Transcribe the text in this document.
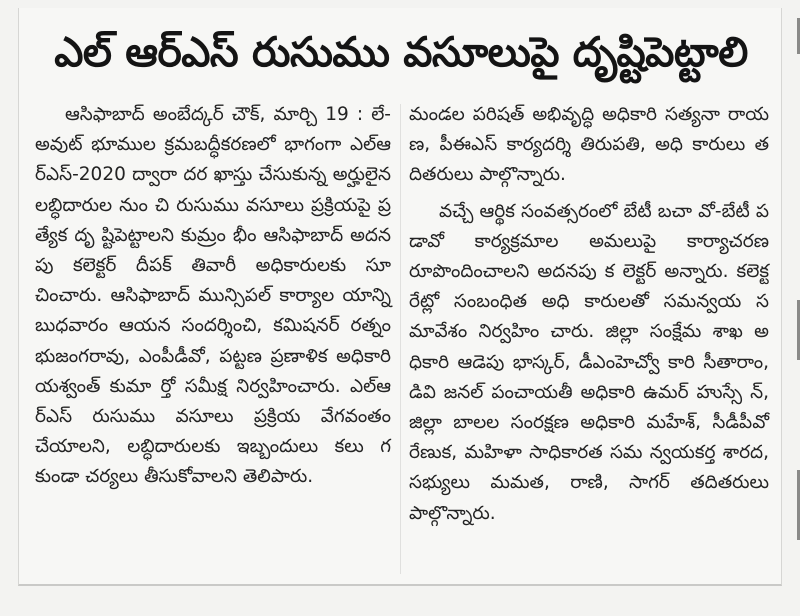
ఎల్ ఆర్ఎస్ రుసుము వసూలుపై దృష్టిపెట్టాలి

ఆసిఫాబాద్ అంబేద్కర్ చౌక్, మార్చి 19 : లే-అవుట్ భూముల క్రమబద్ధీకరణలో భాగంగా ఎల్ఆర్ఎస్-2020 ద్వారా దర ఖాస్తు చేసుకున్న అర్హులైన లబ్ధిదారుల నుం చి రుసుము వసూలు ప్రక్రియపై ప్రత్యేక దృ ష్టిపెట్టాలని కుమ్రం భీం ఆసిఫాబాద్ అదన పు కలెక్టర్ దీపక్ తివారీ అధికారులకు సూ చించారు. ఆసిఫాబాద్ మున్సిపల్ కార్యాల యాన్ని బుధవారం ఆయన సందర్శించి, కమిషనర్ రత్నం భుజంగరావు, ఎంపీడీవో, పట్టణ ప్రణాళిక అధికారి యశ్వంత్ కుమా ర్తో సమీక్ష నిర్వహించారు. ఎల్ఆర్ఎస్ రుసుము వసూలు ప్రక్రియ వేగవంతం చేయాలని, లబ్ధిదారులకు ఇబ్బందులు కలు గకుండా చర్యలు తీసుకోవాలని తెలిపారు.

మండల పరిషత్ అభివృద్ధి అధికారి సత్యనా రాయణ, పీఈఎస్ కార్యదర్శి తిరుపతి, అధి కారులు తదితరులు పాల్గొన్నారు.

వచ్చే ఆర్థిక సంవత్సరంలో బేటీ బచా వో-బేటీ పడావో కార్యక్రమాల అమలుపై కార్యాచరణ రూపొందించాలని అదనపు క లెక్టర్ అన్నారు. కలెక్టరేట్లో సంబంధిత అధి కారులతో సమన్వయ సమావేశం నిర్వహిం చారు. జిల్లా సంక్షేమ శాఖ అధికారి ఆడెపు భాస్కర్, డీఎంహెచ్వో కారి సీతారాం, డివి జనల్ పంచాయతీ అధికారి ఉమర్ హుస్సే న్, జిల్లా బాలల సంరక్షణ అధికారి మహేశ్, సీడీపీవో రేణుక, మహిళా సాధికారత సమ న్వయకర్త శారద, సభ్యులు మమత, రాణి, సాగర్ తదితరులు పాల్గొన్నారు.
